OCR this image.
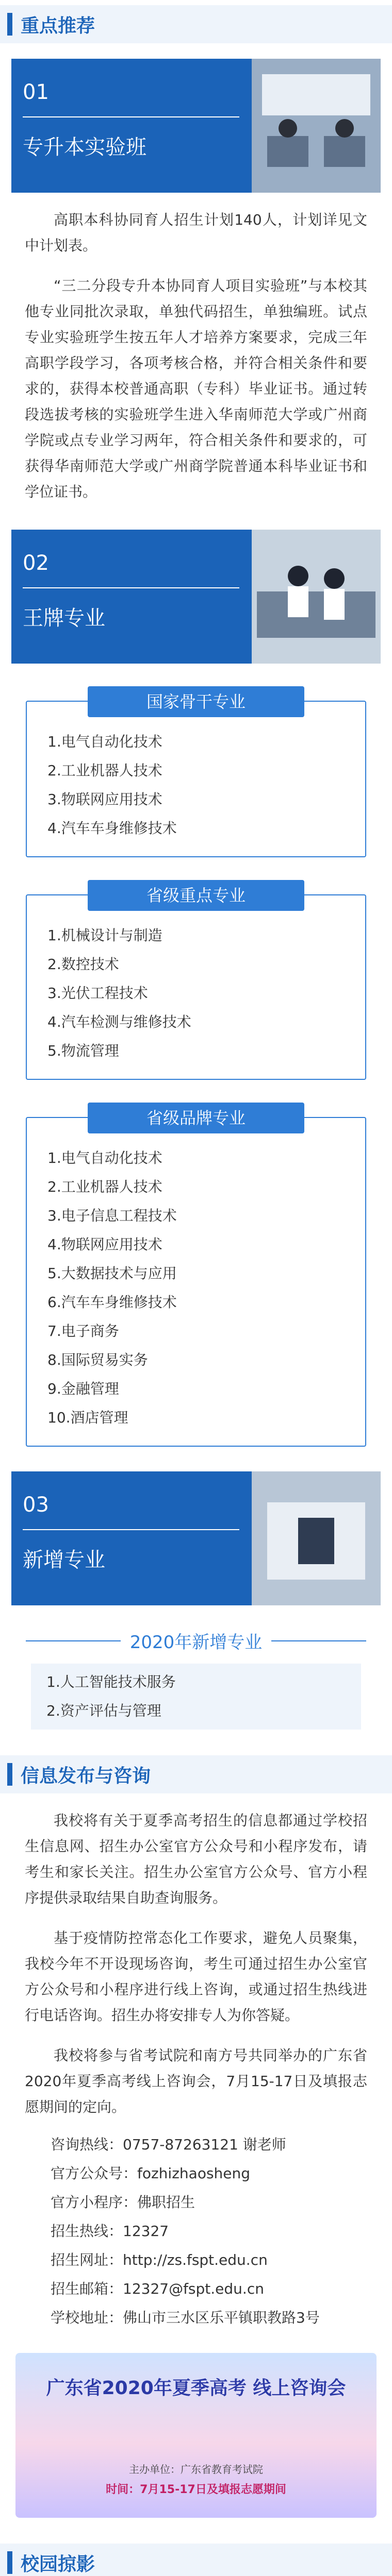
重点推荐
01
专升本实验班
高职本科协同育人招生计划140人，计划详见文中计划表。
“三二分段专升本协同育人项目实验班”与本校其他专业同批次录取，单独代码招生，单独编班。试点专业实验班学生按五年人才培养方案要求，完成三年高职学段学习，各项考核合格，并符合相关条件和要求的，获得本校普通高职（专科）毕业证书。通过转段选拔考核的实验班学生进入华南师范大学或广州商学院或点专业学习两年，符合相关条件和要求的，可获得华南师范大学或广州商学院普通本科毕业证书和学位证书。
02
王牌专业
国家骨干专业
1.电气自动化技术
2.工业机器人技术
3.物联网应用技术
4.汽车车身维修技术
省级重点专业
1.机械设计与制造
2.数控技术
3.光伏工程技术
4.汽车检测与维修技术
5.物流管理
省级品牌专业
1.电气自动化技术
2.工业机器人技术
3.电子信息工程技术
4.物联网应用技术
5.大数据技术与应用
6.汽车车身维修技术
7.电子商务
8.国际贸易实务
9.金融管理
10.酒店管理
03
新增专业
2020年新增专业
1.人工智能技术服务
2.资产评估与管理
信息发布与咨询
我校将有关于夏季高考招生的信息都通过学校招生信息网、招生办公室官方公众号和小程序发布，请考生和家长关注。招生办公室官方公众号、官方小程序提供录取结果自助查询服务。
基于疫情防控常态化工作要求，避免人员聚集，我校今年不开设现场咨询，考生可通过招生办公室官方公众号和小程序进行线上咨询，或通过招生热线进行电话咨询。招生办将安排专人为你答疑。
我校将参与省考试院和南方号共同举办的广东省2020年夏季高考线上咨询会，7月15-17日及填报志愿期间的定向。
咨询热线：0757-87263121 谢老师
官方公众号：fozhizhaosheng
官方小程序：佛职招生
招生热线：12327
招生网址：http://zs.fspt.edu.cn
招生邮箱：12327@fspt.edu.cn
学校地址：佛山市三水区乐平镇职教路3号
广东省2020年夏季高考 线上咨询会
主办单位：广东省教育考试院
时间：7月15-17日及填报志愿期间
校园掠影
